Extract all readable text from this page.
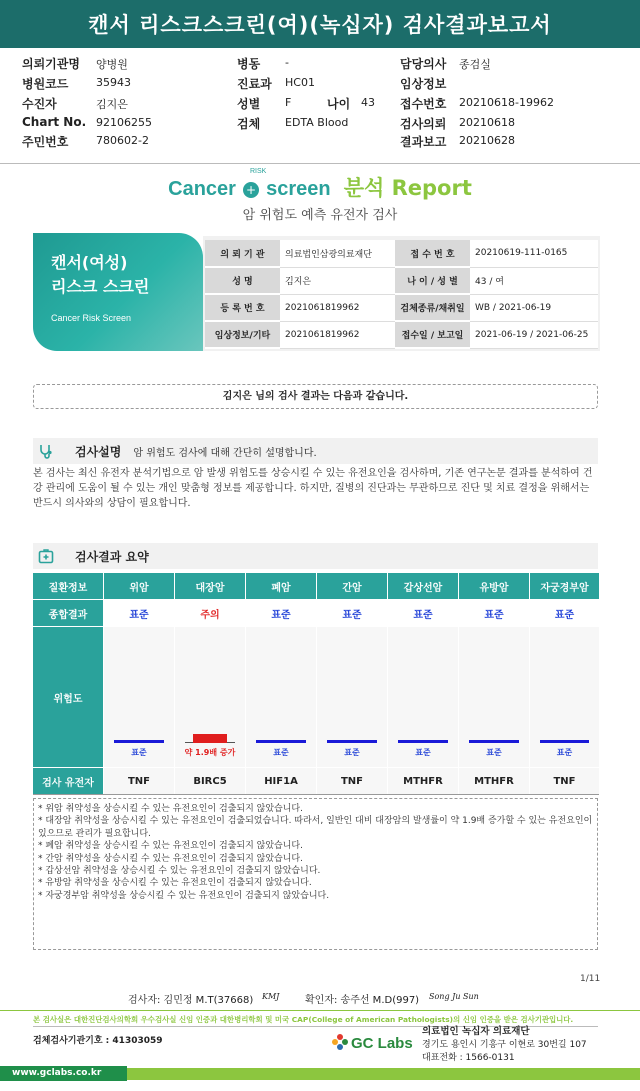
캔서 리스크스크린(여)(녹십자) 검사결과보고서
의뢰기관명 양병원
병원코드	35943
수진자	김지은
Chart No. 92106255
주민번호	780602-2
병동 -
진료과 HC01
성별 F	나이 43
검체 EDTA Blood
담당의사 종검실
임상정보
접수번호 20210618-19962
검사의뢰 20210618
결과보고 20210628
Cancer + screen 분석 Report
RISK
암 위험도 예측 유전자 검사
캔서(여성)
리스크 스크린
Cancer Risk Screen
의 뢰 기 관	의료법인삼광의료재단	접 수 번 호	20210619-111-0165
성 명	김지은	나 이 / 성 별	43 / 여
등 록 번 호	2021061819962	검체종류/채취일	WB / 2021-06-19
임상정보/기타	2021061819962	접수일 / 보고일	2021-06-19 / 2021-06-25
김지은 님의 검사 결과는 다음과 같습니다.
검사설명 암 위험도 검사에 대해 간단히 설명합니다.
본 검사는 최신 유전자 분석기법으로 암 발생 위험도를 상승시킬 수 있는 유전요인을 검사하며, 기존 연구논문 결과를 분석하여 건강 관리에 도움이 될 수 있는 개인 맞춤형 정보를 제공합니다. 하지만, 질병의 진단과는 무관하므로 진단 및 치료 결정을 위해서는 반드시 의사와의 상담이 필요합니다.
검사결과 요약
질환정보	위암	대장암	폐암	간암	갑상선암	유방암	자궁경부암
종합결과	표준	주의	표준	표준	표준	표준	표준
위험도
표준	약 1.9배 증가	표준	표준	표준	표준	표준
검사 유전자	TNF	BIRC5	HIF1A	TNF	MTHFR	MTHFR	TNF
* 위암 취약성을 상승시킬 수 있는 유전요인이 검출되지 않았습니다.
* 대장암 취약성을 상승시킬 수 있는 유전요인이 검출되었습니다. 따라서, 일반인 대비 대장암의 발생률이 약 1.9배 증가할 수 있는 유전요인이 있으므로 관리가 필요합니다.
* 폐암 취약성을 상승시킬 수 있는 유전요인이 검출되지 않았습니다.
* 간암 취약성을 상승시킬 수 있는 유전요인이 검출되지 않았습니다.
* 갑상선암 취약성을 상승시킬 수 있는 유전요인이 검출되지 않았습니다.
* 유방암 취약성을 상승시킬 수 있는 유전요인이 검출되지 않았습니다.
* 자궁경부암 취약성을 상승시킬 수 있는 유전요인이 검출되지 않았습니다.
1/11
검사자: 김민정 M.T(37668) KMJ	확인자: 송주선 M.D(997) Song Ju Sun
본 검사실은 대한진단검사의학회 우수검사실 신임 인증과 대한병리학회 및 미국 CAP(College of American Pathologists)의 신임 인증을 받은 검사기관입니다.
검체검사기관기호 : 41303059	GC Labs
의료법인 녹십자 의료재단
경기도 용인시 기흥구 이현로 30번길 107
대표전화 : 1566-0131
www.gclabs.co.kr
